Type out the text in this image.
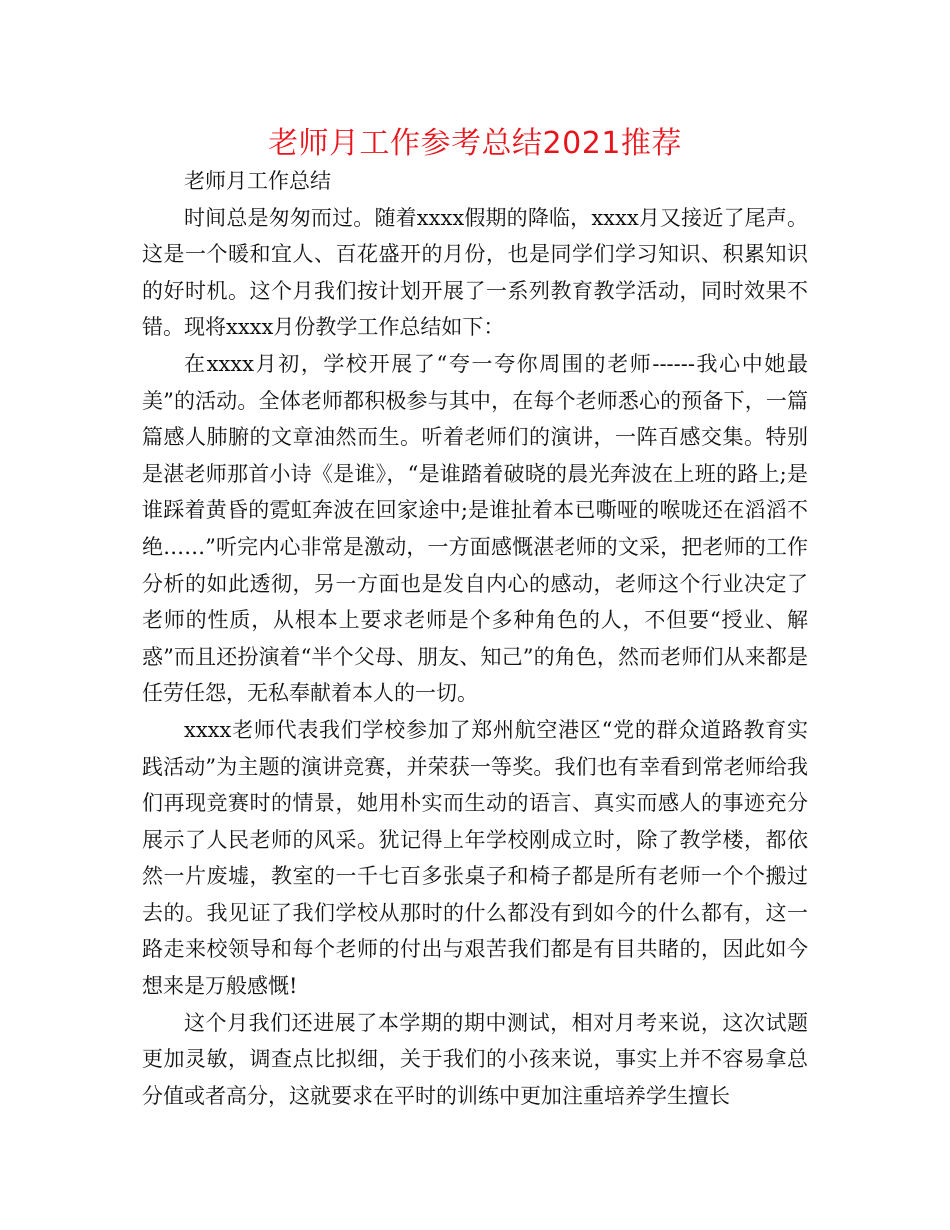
老师月工作参考总结2021推荐

老师月工作总结

时间总是匆匆而过。随着xxxx假期的降临，xxxx月又接近了尾声。这是一个暖和宜人、百花盛开的月份，也是同学们学习知识、积累知识的好时机。这个月我们按计划开展了一系列教育教学活动，同时效果不错。现将xxxx月份教学工作总结如下：

在xxxx月初，学校开展了“夸一夸你周围的老师------我心中她最美”的活动。全体老师都积极参与其中，在每个老师悉心的预备下，一篇篇感人肺腑的文章油然而生。听着老师们的演讲，一阵百感交集。特别是湛老师那首小诗《是谁》，“是谁踏着破晓的晨光奔波在上班的路上;是谁踩着黄昏的霓虹奔波在回家途中;是谁扯着本已嘶哑的喉咙还在滔滔不绝……”听完内心非常是激动，一方面感慨湛老师的文采，把老师的工作分析的如此透彻，另一方面也是发自内心的感动，老师这个行业决定了老师的性质，从根本上要求老师是个多种角色的人，不但要“授业、解惑”而且还扮演着“半个父母、朋友、知己”的角色，然而老师们从来都是任劳任怨，无私奉献着本人的一切。

xxxx老师代表我们学校参加了郑州航空港区“党的群众道路教育实践活动”为主题的演讲竞赛，并荣获一等奖。我们也有幸看到常老师给我们再现竞赛时的情景，她用朴实而生动的语言、真实而感人的事迹充分展示了人民老师的风采。犹记得上年学校刚成立时，除了教学楼，都依然一片废墟，教室的一千七百多张桌子和椅子都是所有老师一个个搬过去的。我见证了我们学校从那时的什么都没有到如今的什么都有，这一路走来校领导和每个老师的付出与艰苦我们都是有目共睹的，因此如今想来是万般感慨!

这个月我们还进展了本学期的期中测试，相对月考来说，这次试题更加灵敏，调查点比拟细，关于我们的小孩来说，事实上并不容易拿总分值或者高分，这就要求在平时的训练中更加注重培养学生擅长
